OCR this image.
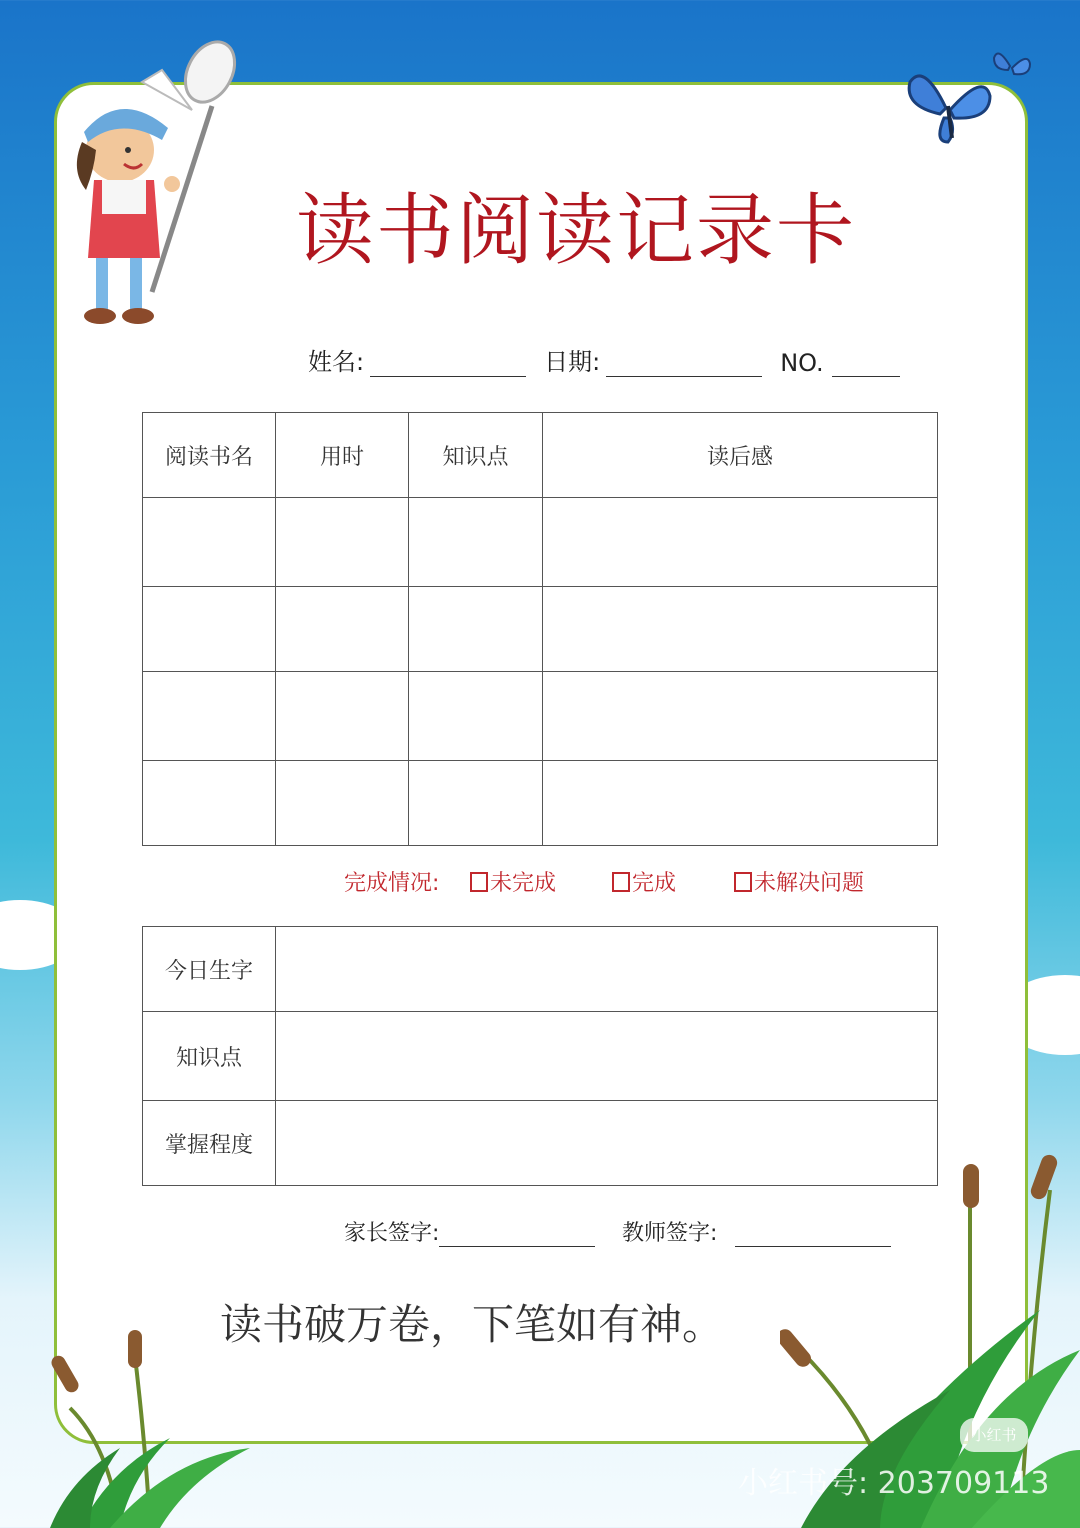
读书阅读记录卡
姓名:	日期:	NO.
阅读书名	用时	知识点	读后感

完成情况:	未完成	完成	未解决问题
今日生字	
知识点	
掌握程度	
家长签字:	教师签字:
读书破万卷，下笔如有神。
小红书
小红书号: 203709113
